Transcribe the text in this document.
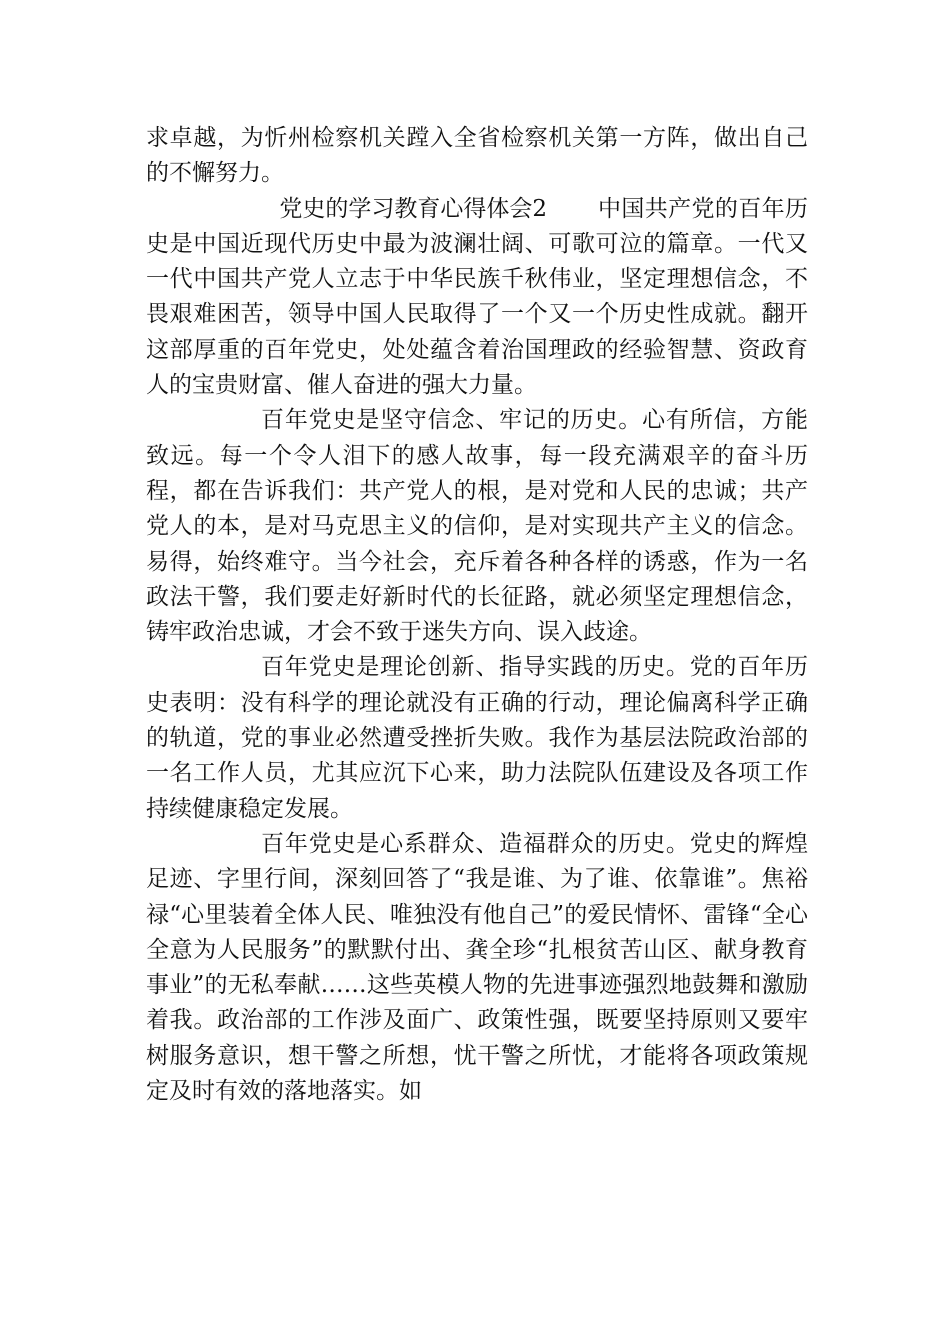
求卓越，为忻州检察机关蹚入全省检察机关第一方阵，做出自己的不懈努力。

党史的学习教育心得体会2 中国共产党的百年历史是中国近现代历史中最为波澜壮阔、可歌可泣的篇章。一代又一代中国共产党人立志于中华民族千秋伟业，坚定理想信念，不畏艰难困苦，领导中国人民取得了一个又一个历史性成就。翻开这部厚重的百年党史，处处蕴含着治国理政的经验智慧、资政育人的宝贵财富、催人奋进的强大力量。

百年党史是坚守信念、牢记的历史。心有所信，方能致远。每一个令人泪下的感人故事，每一段充满艰辛的奋斗历程，都在告诉我们：共产党人的根，是对党和人民的忠诚；共产党人的本，是对马克思主义的信仰，是对实现共产主义的信念。易得，始终难守。当今社会，充斥着各种各样的诱惑，作为一名政法干警，我们要走好新时代的长征路，就必须坚定理想信念，铸牢政治忠诚，才会不致于迷失方向、误入歧途。

百年党史是理论创新、指导实践的历史。党的百年历史表明：没有科学的理论就没有正确的行动，理论偏离科学正确的轨道，党的事业必然遭受挫折失败。我作为基层法院政治部的一名工作人员，尤其应沉下心来，助力法院队伍建设及各项工作持续健康稳定发展。

百年党史是心系群众、造福群众的历史。党史的辉煌足迹、字里行间，深刻回答了“我是谁、为了谁、依靠谁”。焦裕禄“心里装着全体人民、唯独没有他自己”的爱民情怀、雷锋“全心全意为人民服务”的默默付出、龚全珍“扎根贫苦山区、献身教育事业”的无私奉献……这些英模人物的先进事迹强烈地鼓舞和激励着我。政治部的工作涉及面广、政策性强，既要坚持原则又要牢树服务意识，想干警之所想，忧干警之所忧，才能将各项政策规定及时有效的落地落实。如
